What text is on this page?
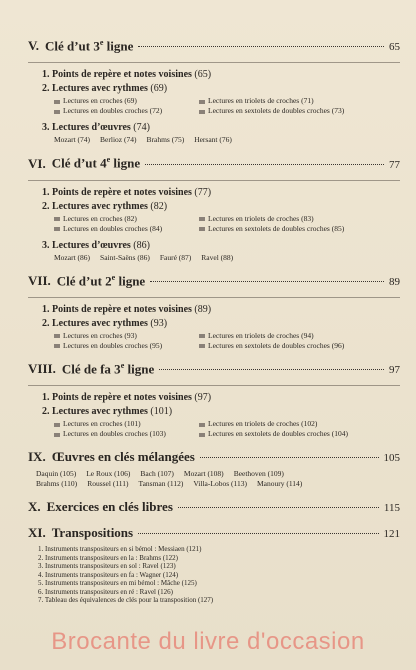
V. Clé d’ut 3e ligne	65
1. Points de repère et notes voisines (65)
2. Lectures avec rythmes (69)
Lectures en croches (69)	Lectures en triolets de croches (71)
Lectures en doubles croches (72)	Lectures en sextolets de doubles croches (73)
3. Lectures d’œuvres (74)
Mozart (74) Berlioz (74) Brahms (75) Hersant (76)
VI. Clé d’ut 4e ligne	77
1. Points de repère et notes voisines (77)
2. Lectures avec rythmes (82)
Lectures en croches (82)	Lectures en triolets de croches (83)
Lectures en doubles croches (84)	Lectures en sextolets de doubles croches (85)
3. Lectures d’œuvres (86)
Mozart (86) Saint-Saëns (86) Fauré (87) Ravel (88)
VII. Clé d’ut 2e ligne	89
1. Points de repère et notes voisines (89)
2. Lectures avec rythmes (93)
Lectures en croches (93)	Lectures en triolets de croches (94)
Lectures en doubles croches (95)	Lectures en sextolets de doubles croches (96)
VIII. Clé de fa 3e ligne	97
1. Points de repère et notes voisines (97)
2. Lectures avec rythmes (101)
Lectures en croches (101)	Lectures en triolets de croches (102)
Lectures en doubles croches (103)	Lectures en sextolets de doubles croches (104)
IX. Œuvres en clés mélangées	105
Daquin (105) Le Roux (106) Bach (107) Mozart (108) Beethoven (109)
Brahms (110) Roussel (111) Tansman (112) Villa-Lobos (113) Manoury (114)
X. Exercices en clés libres	115
XI. Transpositions	121
1. Instruments transpositeurs en si bémol : Messiaen (121)
2. Instruments transpositeurs en la : Brahms (122)
3. Instruments transpositeurs en sol : Ravel (123)
4. Instruments transpositeurs en fa : Wagner (124)
5. Instruments transpositeurs en mi bémol : Mâche (125)
6. Instruments transpositeurs en ré : Ravel (126)
7. Tableau des équivalences de clés pour la transposition (127)
Brocante du livre d'occasion
